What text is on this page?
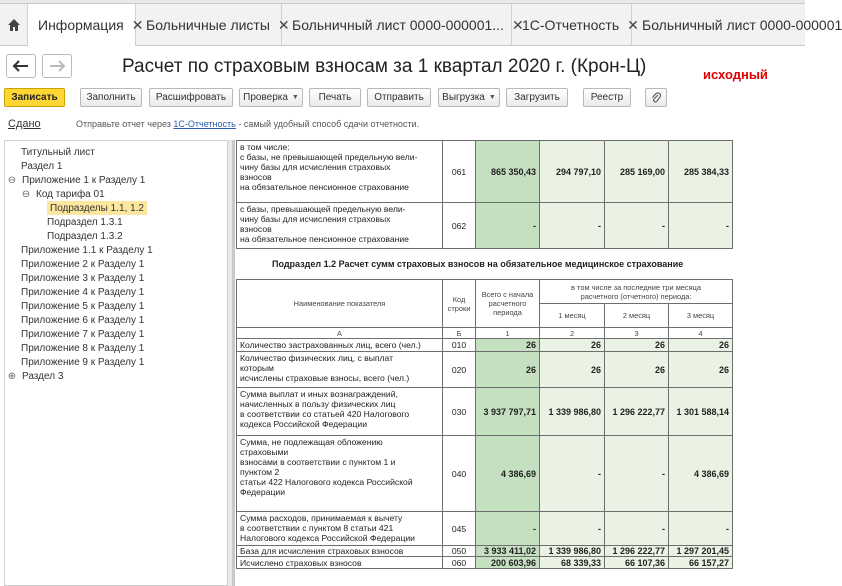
Информация ✕ Больничные листы ✕ Больничный лист 0000-000001... ✕
1С-Отчетность ✕ Больничный лист 0000-000001
Расчет по страховым взносам за 1 квартал 2020 г. (Крон-Ц)	исходный
Записать	Заполнить	Расшифровать	Проверка ▼	Печать	Отправить	Выгрузка ▼	Загрузить	Реестр
Сдано	Отправьте отчет через 1С-Отчетность - самый удобный способ сдачи отчетности.
Титульный лист
Раздел 1
⊖ Приложение 1 к Разделу 1
⊖ Код тарифа 01
Подразделы 1.1, 1.2
Подраздел 1.3.1
Подраздел 1.3.2
Приложение 1.1 к Разделу 1
Приложение 2 к Разделу 1
Приложение 3 к Разделу 1
Приложение 4 к Разделу 1
Приложение 5 к Разделу 1
Приложение 6 к Разделу 1
Приложение 7 к Разделу 1
Приложение 8 к Разделу 1
Приложение 9 к Разделу 1
⊕ Раздел 3
Подраздел 1.2 Расчет сумм страховых взносов на обязательное медицинское страхование
в том числе:
с базы, не превышающей предельную вели-
чину базы для исчисления страховых
взносов
на обязательное пенсионное страхование
061	865 350,43	294 797,10	285 169,00	285 384,33
с базы, превышающей предельную вели-
чину базы для исчисления страховых
взносов
на обязательное пенсионное страхование
062	-	-	-	-
Наименование показателя	Код
строки
Всего с начала
расчетного
периода
в том числе за последние три месяца
расчетного (отчетного) периода:
1 месяц	2 месяц	3 месяц
А	Б	1	2	3	4
Количество застрахованных лиц, всего (чел.)	010	26	26	26	26
Количество физических лиц, с выплат
которым
исчислены страховые взносы, всего (чел.)
020	26	26	26	26
Сумма выплат и иных вознаграждений,
начисленных в пользу физических лиц
в соответствии со статьей 420 Налогового
кодекса Российской Федерации
030	3 937 797,71	1 339 986,80	1 296 222,77	1 301 588,14
Сумма, не подлежащая обложению
страховыми
взносами в соответствии с пунктом 1 и
пунктом 2
статьи 422 Налогового кодекса Российской
Федерации
040	4 386,69	-	-	4 386,69
Сумма расходов, принимаемая к вычету
в соответствии с пунктом 8 статьи 421
Налогового кодекса Российской Федерации
045	-	-	-	-
База для исчисления страховых взносов	050	3 933 411,02	1 339 986,80	1 296 222,77	1 297 201,45
Исчислено страховых взносов	060	200 603,96	68 339,33	66 107,36	66 157,27
